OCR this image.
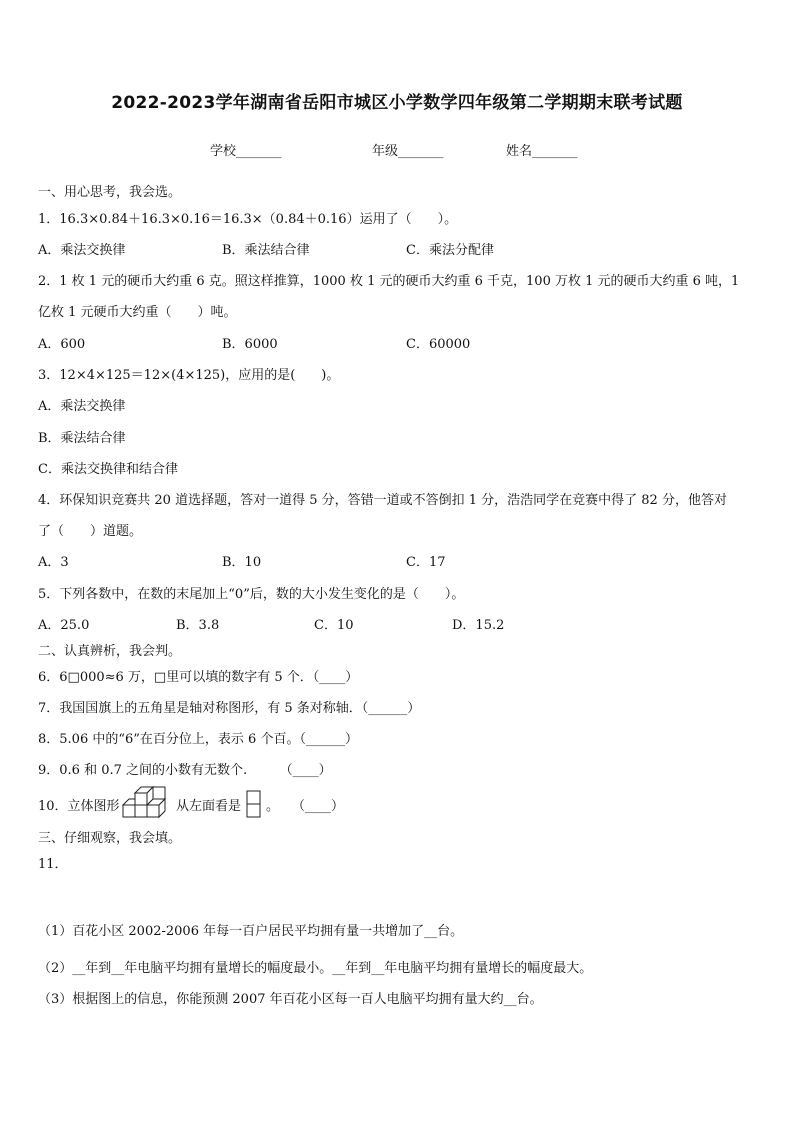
2022-2023学年湖南省岳阳市城区小学数学四年级第二学期期末联考试题
学校_______	年级_______	姓名_______
一、用心思考，我会选。
1．16.3×0.84＋16.3×0.16＝16.3×（0.84＋0.16）运用了（　　）。
A．乘法交换律	B．乘法结合律	C．乘法分配律
2．1 枚 1 元的硬币大约重 6 克。照这样推算，1000 枚 1 元的硬币大约重 6 千克，100 万枚 1 元的硬币大约重 6 吨，1
亿枚 1 元硬币大约重（　　）吨。
A．600	B．6000	C．60000
3．12×4×125＝12×(4×125)，应用的是(　　)。
A．乘法交换律
B．乘法结合律
C．乘法交换律和结合律
4．环保知识竞赛共 20 道选择题，答对一道得 5 分，答错一道或不答倒扣 1 分，浩浩同学在竞赛中得了 82 分，他答对
了（　　）道题。
A．3	B．10	C．17
5．下列各数中，在数的末尾加上“0”后，数的大小发生变化的是（　　）。
A．25.0	B．3.8	C．10	D．15.2
二、认真辨析，我会判。
6．6□000≈6 万，□里可以填的数字有 5 个．（____）
7．我国国旗上的五角星是轴对称图形，有 5 条对称轴．（______）
8．5.06 中的“6”在百分位上，表示 6 个百。（______）
9．0.6 和 0.7 之间的小数有无数个.　　　（____）
10．立体图形	从左面看是 。　　（____）
三、仔细观察，我会填。
11．
（1）百花小区 2002-2006 年每一百户居民平均拥有量一共增加了__台。
（2）__年到__年电脑平均拥有量增长的幅度最小。__年到__年电脑平均拥有量增长的幅度最大。
（3）根据图上的信息，你能预测 2007 年百花小区每一百人电脑平均拥有量大约__台。
